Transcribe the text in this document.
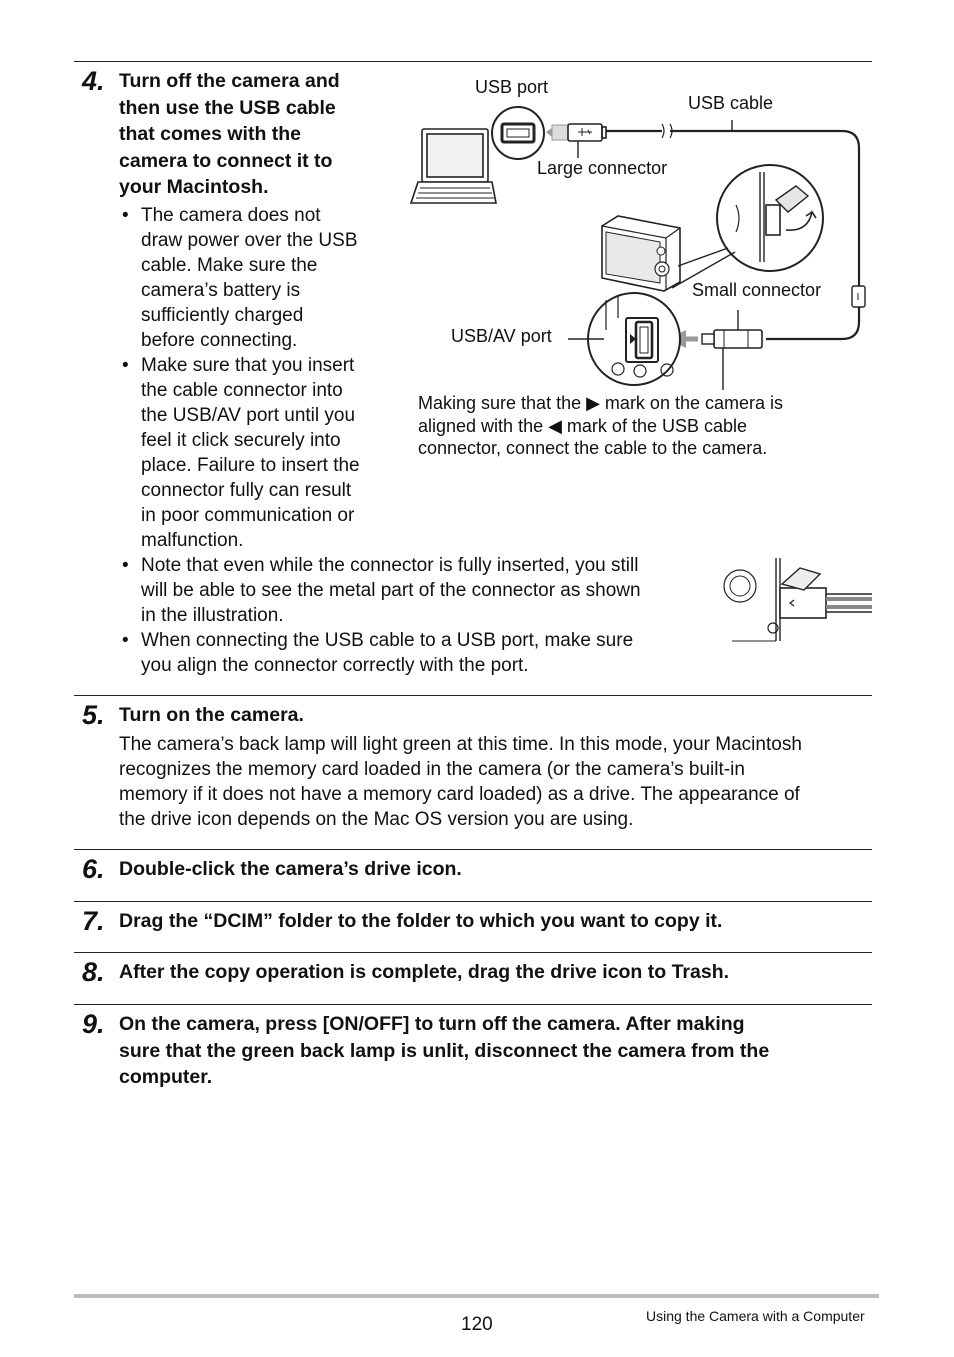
4. Turn off the camera and
then use the USB cable
that comes with the
camera to connect it to
your Macintosh.
• The camera does not
draw power over the USB
cable. Make sure the
camera’s battery is
sufficiently charged
before connecting.
• Make sure that you insert
the cable connector into
the USB/AV port until you
feel it click securely into
place. Failure to insert the
connector fully can result
in poor communication or
malfunction.
• Note that even while the connector is fully inserted, you still
will be able to see the metal part of the connector as shown
in the illustration.
• When connecting the USB cable to a USB port, make sure
you align the connector correctly with the port.
USB port
USB cable
Large connector
Small connector
USB/AV port
Making sure that the ▶ mark on the camera is
aligned with the ◀ mark of the USB cable
connector, connect the cable to the camera.
5. Turn on the camera.
The camera’s back lamp will light green at this time. In this mode, your Macintosh
recognizes the memory card loaded in the camera (or the camera’s built-in
memory if it does not have a memory card loaded) as a drive. The appearance of
the drive icon depends on the Mac OS version you are using.
6. Double-click the camera’s drive icon.
7. Drag the “DCIM” folder to the folder to which you want to copy it.
8. After the copy operation is complete, drag the drive icon to Trash.
9. On the camera, press [ON/OFF] to turn off the camera. After making
sure that the green back lamp is unlit, disconnect the camera from the
computer.
120	Using the Camera with a Computer
